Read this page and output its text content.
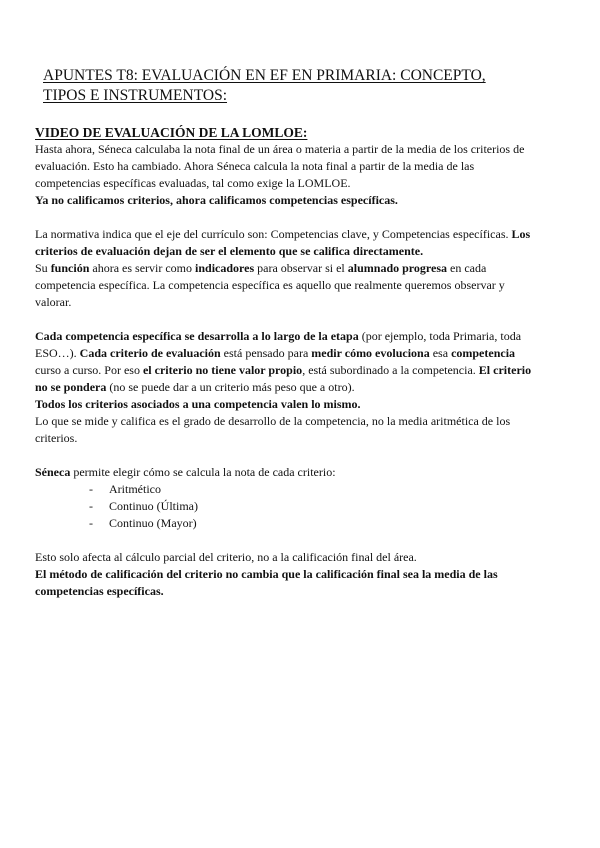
APUNTES T8: EVALUACIÓN EN EF EN PRIMARIA: CONCEPTO,
TIPOS E INSTRUMENTOS:
VIDEO DE EVALUACIÓN DE LA LOMLOE:

Hasta ahora, Séneca calculaba la nota final de un área o materia a partir de la media de los criterios de evaluación. Esto ha cambiado. Ahora Séneca calcula la nota final a partir de la media de las competencias específicas evaluadas, tal como exige la LOMLOE.

Ya no calificamos criterios, ahora calificamos competencias específicas.

La normativa indica que el eje del currículo son: Competencias clave, y Competencias específicas. Los criterios de evaluación dejan de ser el elemento que se califica directamente.

Su función ahora es servir como indicadores para observar si el alumnado progresa en cada competencia específica. La competencia específica es aquello que realmente queremos observar y valorar.

Cada competencia específica se desarrolla a lo largo de la etapa (por ejemplo, toda Primaria, toda ESO…). Cada criterio de evaluación está pensado para medir cómo evoluciona esa competencia curso a curso. Por eso el criterio no tiene valor propio, está subordinado a la competencia. El criterio no se pondera (no se puede dar a un criterio más peso que a otro).

Todos los criterios asociados a una competencia valen lo mismo.

Lo que se mide y califica es el grado de desarrollo de la competencia, no la media aritmética de los criterios.

Séneca permite elegir cómo se calcula la nota de cada criterio:

- Aritmético
- Continuo (Última)
- Continuo (Mayor)

Esto solo afecta al cálculo parcial del criterio, no a la calificación final del área.

El método de calificación del criterio no cambia que la calificación final sea la media de las competencias específicas.
